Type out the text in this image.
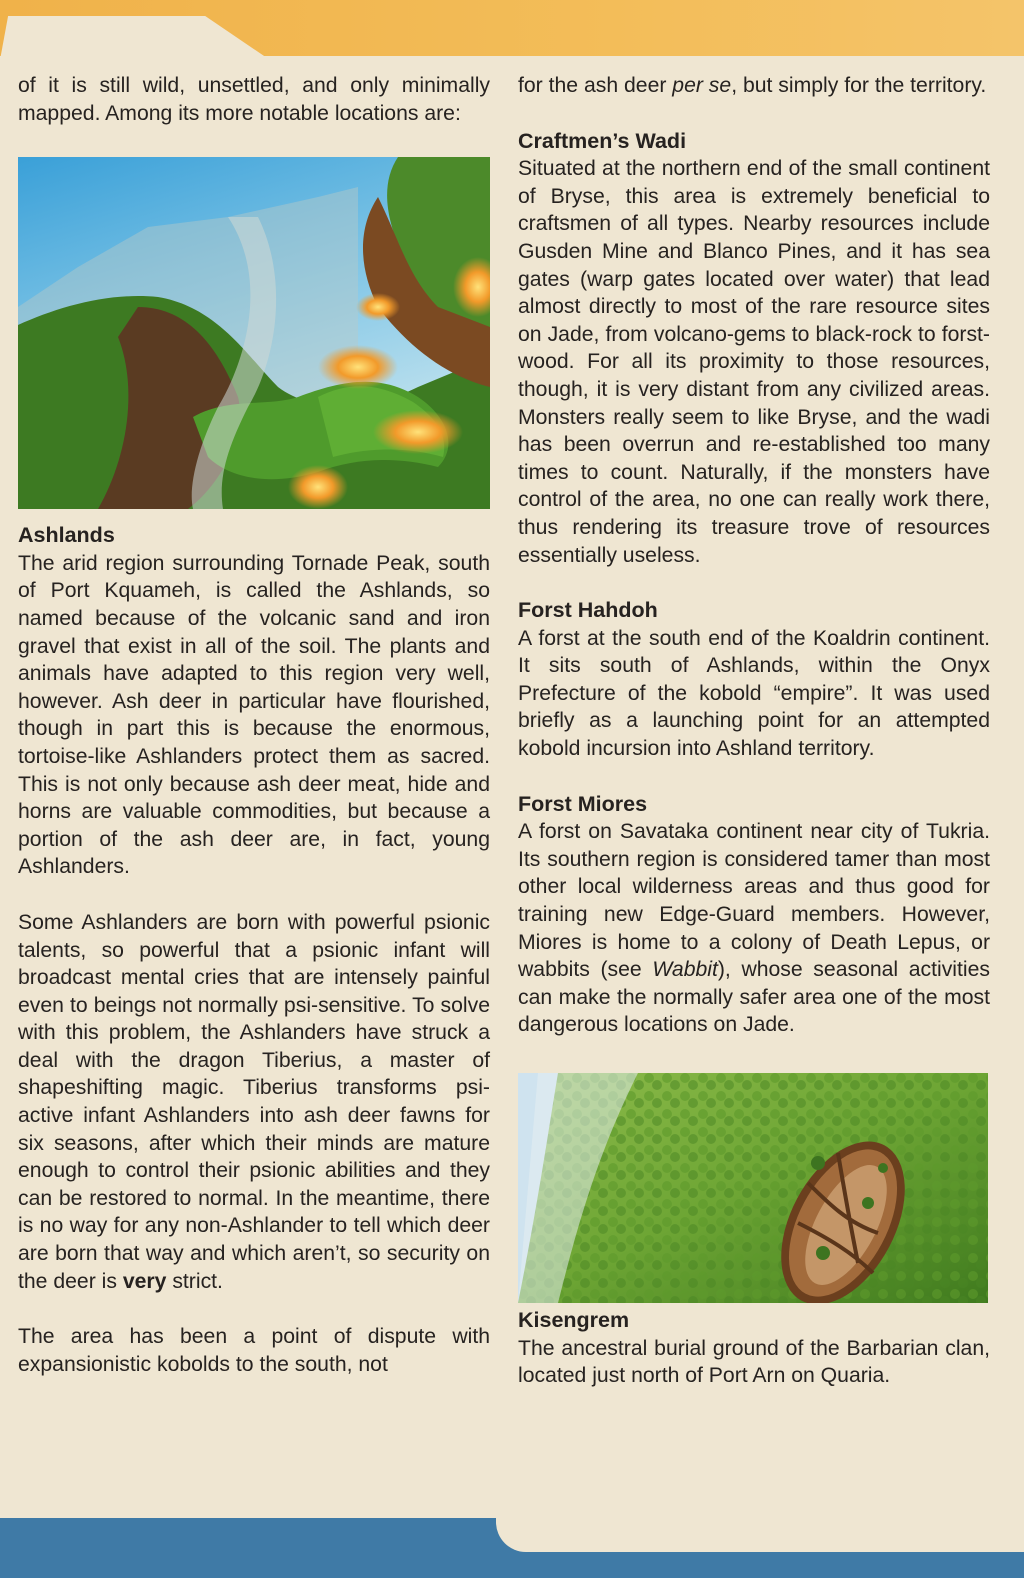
of it is still wild, unsettled, and only minimally mapped. Among its more notable locations are:

Ashlands

The arid region surrounding Tornade Peak, south of Port Kquameh, is called the Ashlands, so named because of the volcanic sand and iron gravel that exist in all of the soil. The plants and animals have adapted to this region very well, however. Ash deer in particular have flourished, though in part this is because the enormous, tortoise-like Ashlanders protect them as sacred. This is not only because ash deer meat, hide and horns are valuable commodities, but because a portion of the ash deer are, in fact, young Ashlanders.

Some Ashlanders are born with powerful psionic talents, so powerful that a psionic infant will broadcast mental cries that are intensely painful even to beings not normally psi-sensitive. To solve with this problem, the Ashlanders have struck a deal with the dragon Tiberius, a master of shapeshifting magic. Tiberius transforms psi-active infant Ashlanders into ash deer fawns for six seasons, after which their minds are mature enough to control their psionic abilities and they can be restored to normal. In the meantime, there is no way for any non-Ashlander to tell which deer are born that way and which aren’t, so security on the deer is very strict.

The area has been a point of dispute with expansionistic kobolds to the south, not

for the ash deer per se, but simply for the territory.

Craftmen’s Wadi

Situated at the northern end of the small continent of Bryse, this area is extremely beneficial to craftsmen of all types. Nearby resources include Gusden Mine and Blanco Pines, and it has sea gates (warp gates located over water) that lead almost directly to most of the rare resource sites on Jade, from volcano-gems to black-rock to forst-wood. For all its proximity to those resources, though, it is very distant from any civilized areas. Monsters really seem to like Bryse, and the wadi has been overrun and re-established too many times to count. Naturally, if the monsters have control of the area, no one can really work there, thus rendering its treasure trove of resources essentially useless.

Forst Hahdoh

A forst at the south end of the Koaldrin continent. It sits south of Ashlands, within the Onyx Prefecture of the kobold “empire”. It was used briefly as a launching point for an attempted kobold incursion into Ashland territory.

Forst Miores

A forst on Savataka continent near city of Tukria. Its southern region is considered tamer than most other local wilderness areas and thus good for training new Edge-Guard members. However, Miores is home to a colony of Death Lepus, or wabbits (see Wabbit), whose seasonal activities can make the normally safer area one of the most dangerous locations on Jade.

Kisengrem

The ancestral burial ground of the Barbarian clan, located just north of Port Arn on Quaria.
